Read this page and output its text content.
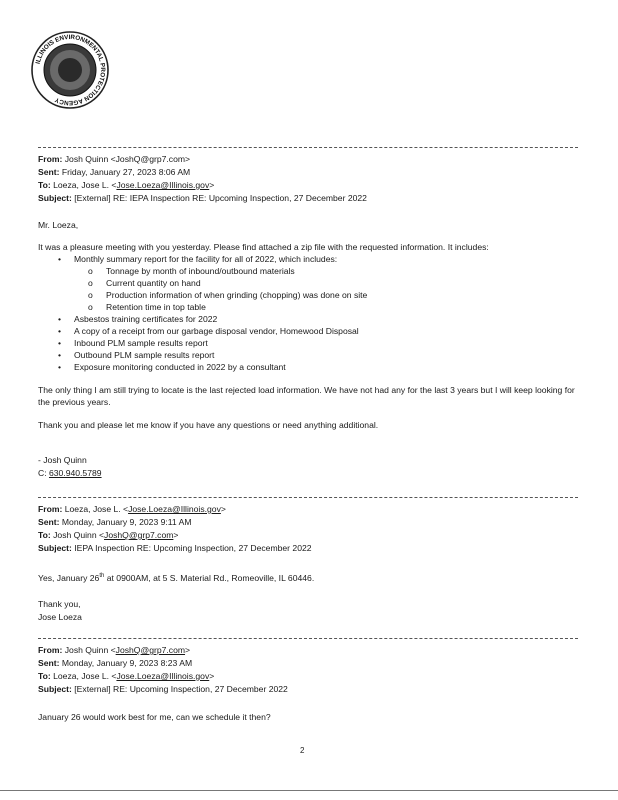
ILLINOIS ENVIRONMENTAL PROTECTION AGENCY
From: Josh Quinn <JoshQ@grp7.com>
Sent: Friday, January 27, 2023 8:06 AM
To: Loeza, Jose L. <Jose.Loeza@Illinois.gov>
Subject: [External] RE: IEPA Inspection RE: Upcoming Inspection, 27 December 2022
Mr. Loeza,
It was a pleasure meeting with you yesterday. Please find attached a zip file with the requested information. It includes:
• Monthly summary report for the facility for all of 2022, which includes:
o Tonnage by month of inbound/outbound materials
o Current quantity on hand
o Production information of when grinding (chopping) was done on site
o Retention time in top table
• Asbestos training certificates for 2022
• A copy of a receipt from our garbage disposal vendor, Homewood Disposal
• Inbound PLM sample results report
• Outbound PLM sample results report
• Exposure monitoring conducted in 2022 by a consultant
The only thing I am still trying to locate is the last rejected load information. We have not had any for the last 3 years but I will keep looking for the previous years.
Thank you and please let me know if you have any questions or need anything additional.
- Josh Quinn
C: 630.940.5789
From: Loeza, Jose L. <Jose.Loeza@Illinois.gov>
Sent: Monday, January 9, 2023 9:11 AM
To: Josh Quinn <JoshQ@grp7.com>
Subject: IEPA Inspection RE: Upcoming Inspection, 27 December 2022
Yes, January 26th at 0900AM, at 5 S. Material Rd., Romeoville, IL 60446.
Thank you,
Jose Loeza
From: Josh Quinn <JoshQ@grp7.com>
Sent: Monday, January 9, 2023 8:23 AM
To: Loeza, Jose L. <Jose.Loeza@Illinois.gov>
Subject: [External] RE: Upcoming Inspection, 27 December 2022
January 26 would work best for me, can we schedule it then?
2
